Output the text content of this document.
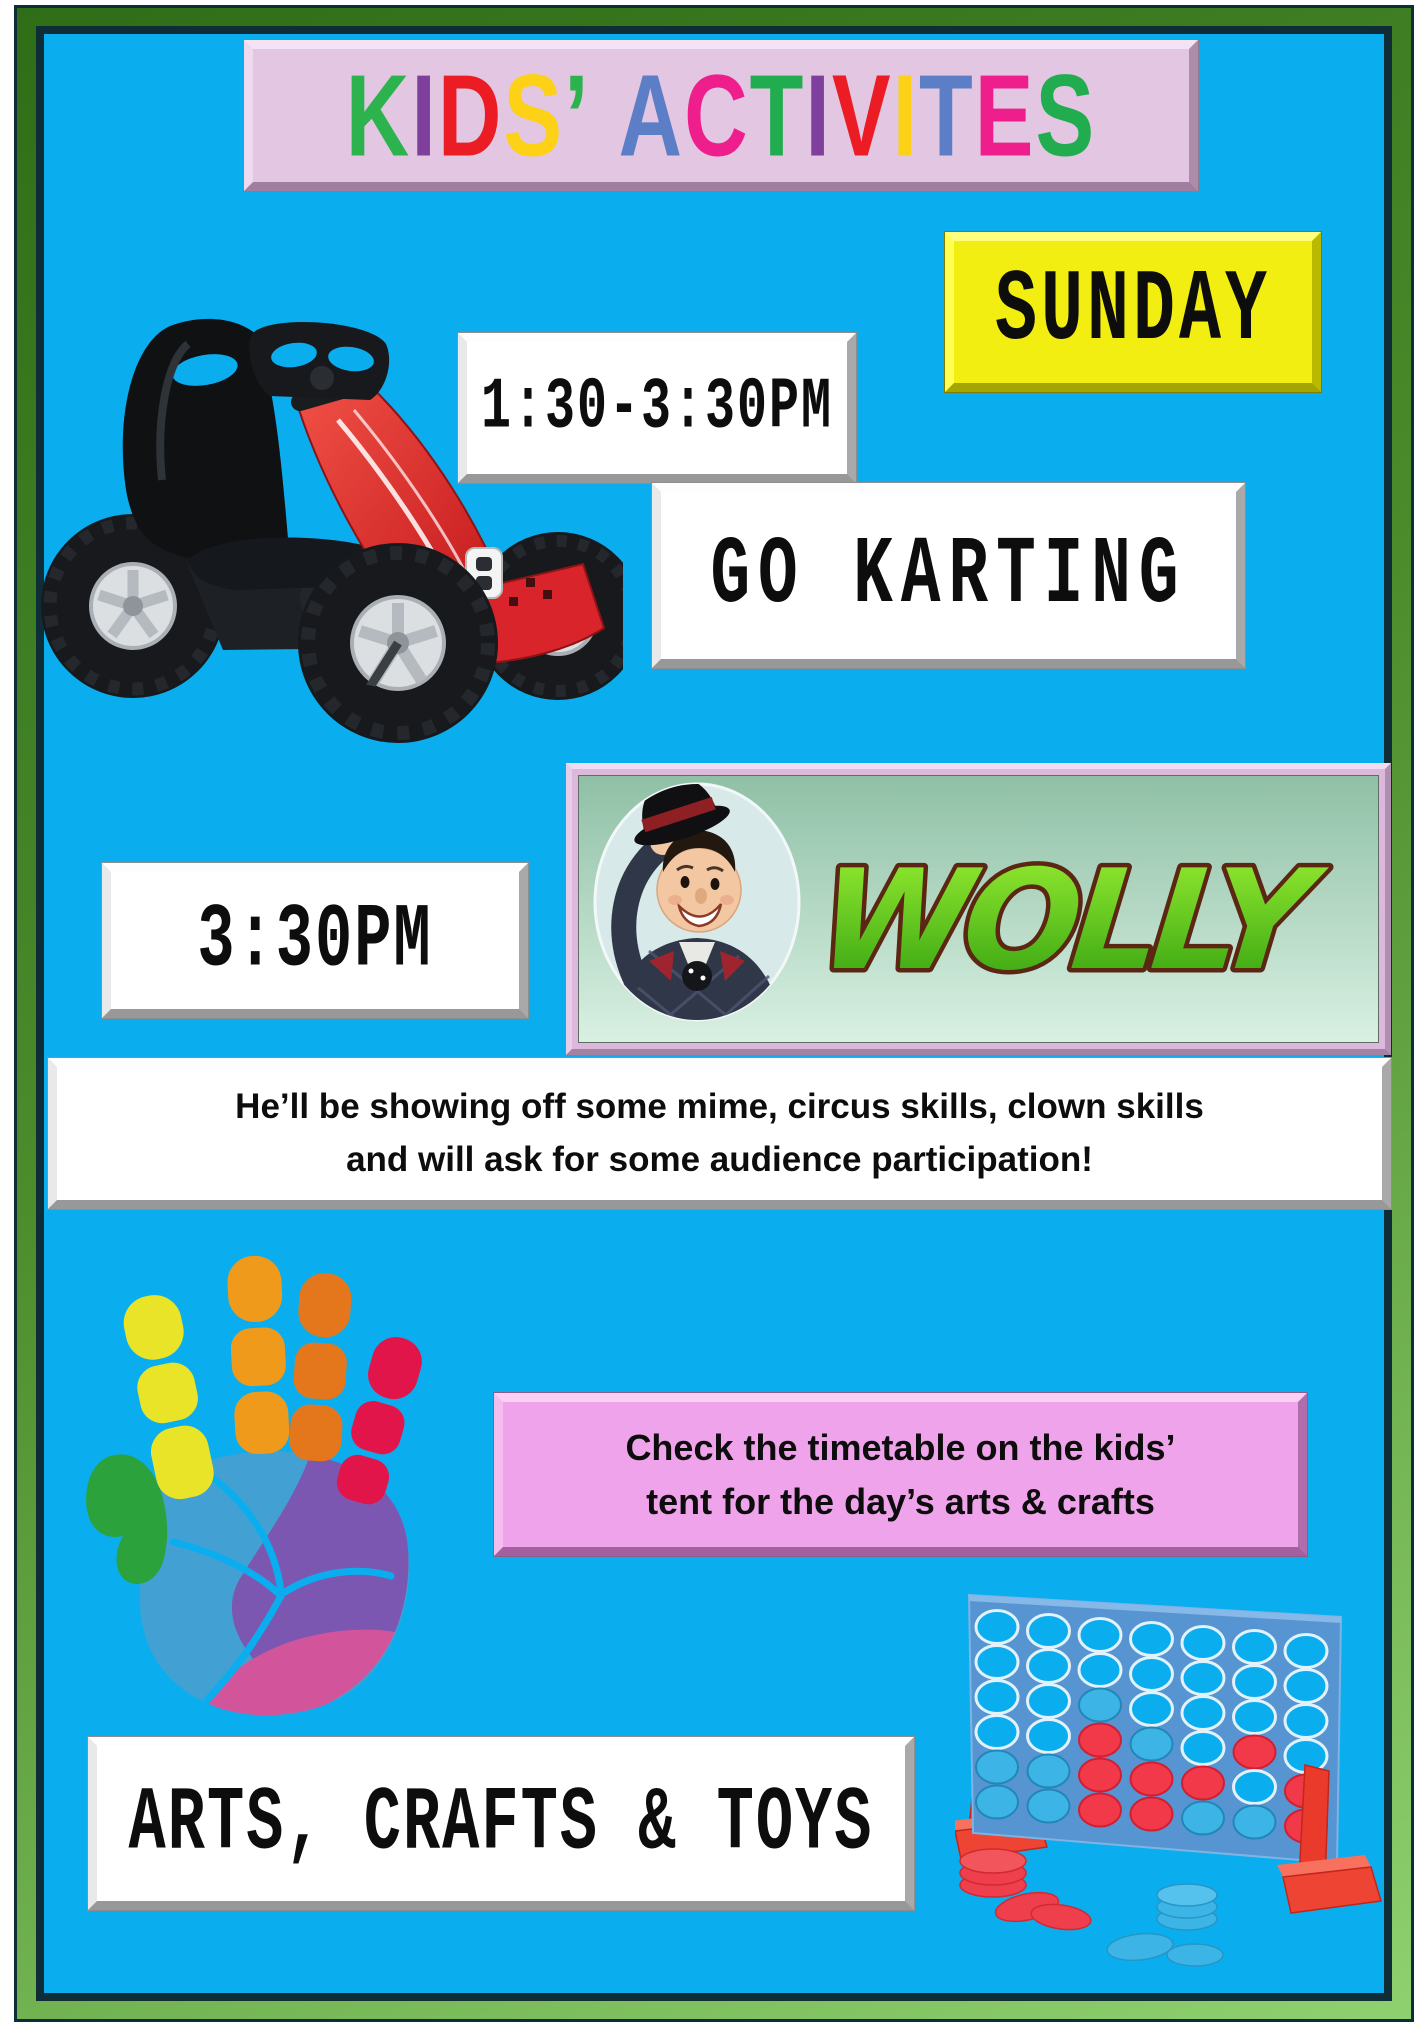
KIDS’ ACTIVITES
SUNDAY
1:30-3:30PM
GO KARTING
WOLLY
3:30PM
He’ll be showing off some mime, circus skills, clown skills
and will ask for some audience participation!
Check the timetable on the kids’
tent for the day’s arts & crafts
ARTS, CRAFTS & TOYS
